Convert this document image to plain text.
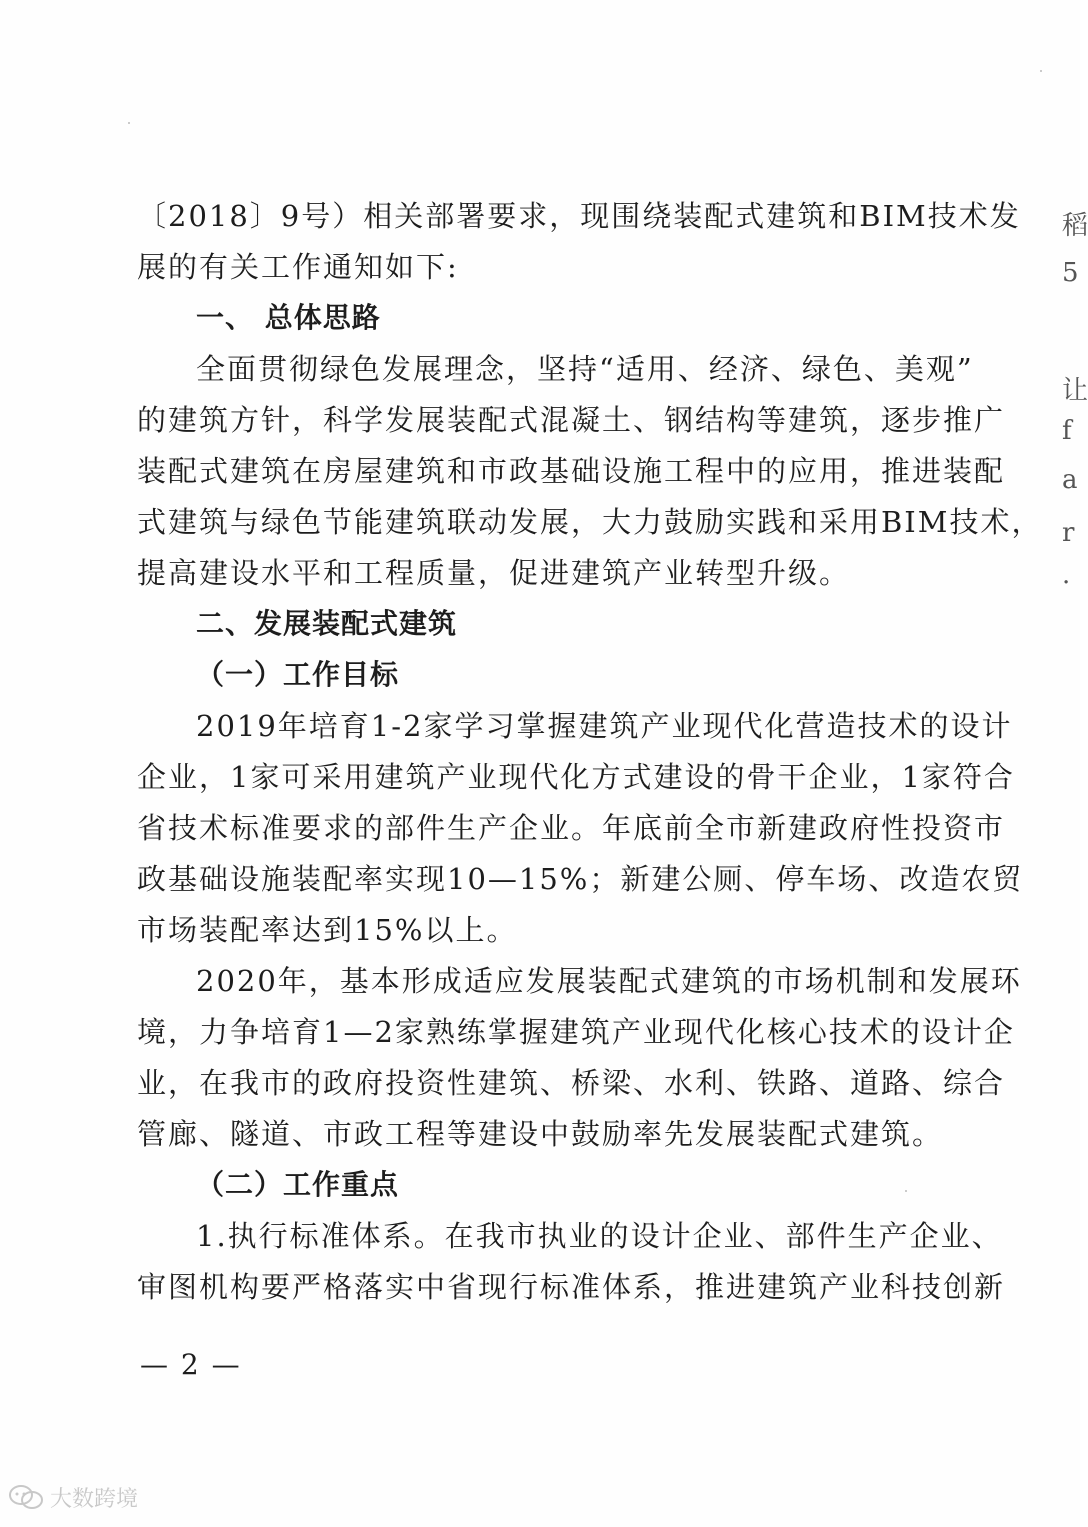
〔2018〕9号）相关部署要求，现围绕装配式建筑和BIM技术发
展的有关工作通知如下:
一、 总体思路
全面贯彻绿色发展理念，坚持“适用、经济、绿色、美观”
的建筑方针，科学发展装配式混凝土、钢结构等建筑，逐步推广
装配式建筑在房屋建筑和市政基础设施工程中的应用，推进装配
式建筑与绿色节能建筑联动发展，大力鼓励实践和采用BIM技术，
提高建设水平和工程质量，促进建筑产业转型升级。
二、发展装配式建筑
（一）工作目标
2019年培育1-2家学习掌握建筑产业现代化营造技术的设计
企业，1家可采用建筑产业现代化方式建设的骨干企业，1家符合
省技术标准要求的部件生产企业。年底前全市新建政府性投资市
政基础设施装配率实现10—15%；新建公厕、停车场、改造农贸
市场装配率达到15%以上。
2020年，基本形成适应发展装配式建筑的市场机制和发展环
境，力争培育1—2家熟练掌握建筑产业现代化核心技术的设计企
业，在我市的政府投资性建筑、桥梁、水利、铁路、道路、综合
管廊、隧道、市政工程等建设中鼓励率先发展装配式建筑。
（二）工作重点
1.执行标准体系。在我市执业的设计企业、部件生产企业、
审图机构要严格落实中省现行标准体系，推进建筑产业科技创新
— 2 —
稻
5
让
f
a
r
·
大数跨境
